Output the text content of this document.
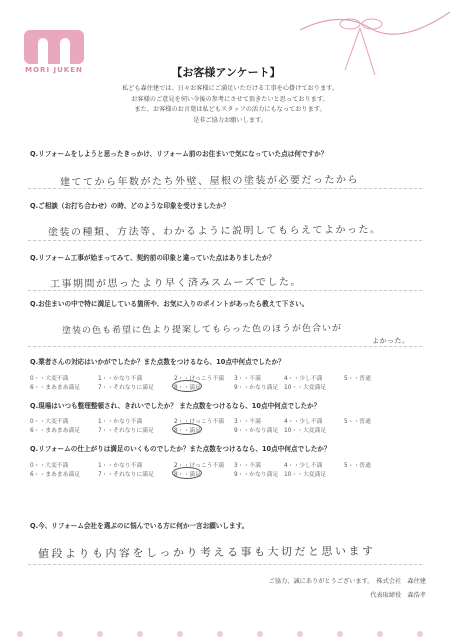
MORI JUKEN	【お客様アンケート】
私ども森住建では、日々お客様にご満足いただける工事を心掛けております。
お客様のご意見を伺い今後の参考にさせて頂きたいと思っております。
また、お客様のお言葉は私どもスタッフの活力にもなっております。
是非ご協力お願いします。
Q.リフォームをしようと思ったきっかけ、リフォーム前のお住まいで気になっていた点は何ですか？
建ててから年数がたち外壁、屋根の塗装が必要だったから
Q.ご相談（お打ち合わせ）の時、どのような印象を受けましたか？
塗装の種類、方法等、わかるように説明してもらえてよかった。
Q.リフォーム工事が始まってみて、契約前の印象と違っていた点はありましたか？
工事期間が思ったより早く済みスムーズでした。
Q.お住まいの中で特に満足している箇所や、お気に入りのポイントがあったら教えて下さい。
塗装の色も希望に色より提案してもらった色のほうが色合いが
よかった。
Q.業者さんの対応はいかがでしたか？また点数をつけるなら、10点中何点でしたか？
0・・大変不満	1・・かなり不満	2・・けっこう不満 3・・不満	4・・少し不満	5・・普通
6・・まあまあ満足	7・・それなりに満足	8・・満足	9・・かなり満足 10・・大変満足
Q.現場はいつも整理整頓され、きれいでしたか？ また点数をつけるなら、10点中何点でしたか？
0・・大変不満	1・・かなり不満	2・・けっこう不満 3・・不満	4・・少し不満	5・・普通
6・・まあまあ満足	7・・それなりに満足	8・・満足	9・・かなり満足 10・・大変満足
Q.リフォームの仕上がりは満足のいくものでしたか？また点数をつけるなら、10点中何点でしたか？
0・・大変不満	1・・かなり不満	2・・けっこう不満 3・・不満	4・・少し不満	5・・普通
6・・まあまあ満足	7・・それなりに満足	8・・満足	9・・かなり満足 10・・大変満足
Q.今、リフォーム会社を選ぶのに悩んでいる方に何か一言お願いします。
値段よりも内容をしっかり考える事も大切だと思います
ご協力、誠にありがとうございます。　株式会社　森住建
代表取締役　森浩孝
